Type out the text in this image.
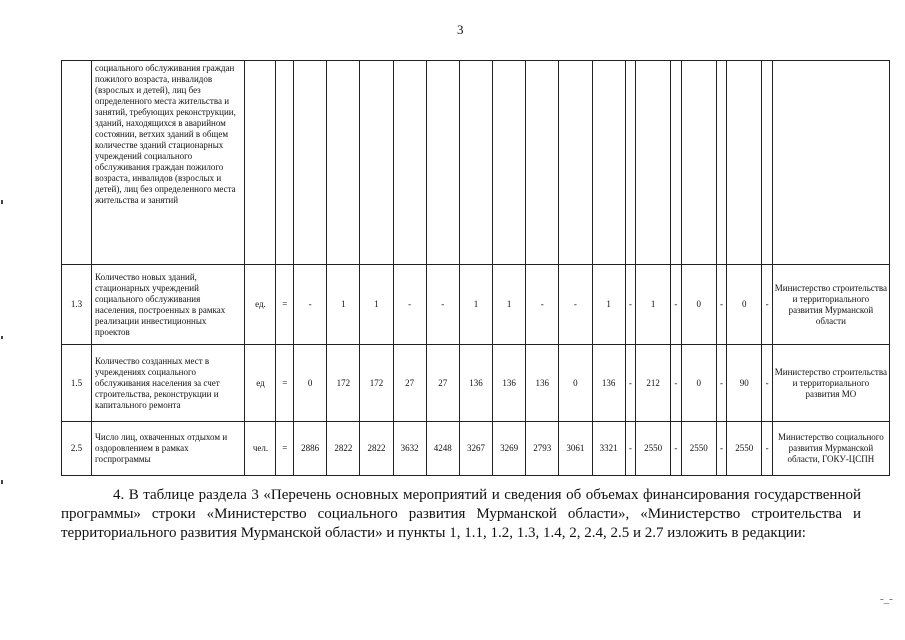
3
	социального обслуживания граждан пожилого возраста, инвалидов (взрослых и детей), лиц без определенного места жительства и занятий, требующих реконструкции, зданий, находящихся в аварийном состоянии, ветхих зданий в общем количестве зданий стационарных учреждений социального обслуживания граждан пожилого возраста, инвалидов (взрослых и детей), лиц без определенного места жительства и занятий																				
1.3	Количество новых зданий, стационарных учреждений социального обслуживания населения, построенных в рамках реализации инвестиционных проектов	ед.	=	-	1	1	-	-	1	1	-	-	1	-	1	-	0	-	0	-	Министерство строительства и территориального развития Мурманской области
1.5	Количество созданных мест в учреждениях социального обслуживания населения за счет строительства, реконструкции и капитального ремонта	ед	=	0	172	172	27	27	136	136	136	0	136	-	212	-	0	-	90	-	Министерство строительства и территориального развития МО
2.5	Число лиц, охваченных отдыхом и оздоровлением в рамках госпрограммы	чел.	=	2886	2822	2822	3632	4248	3267	3269	2793	3061	3321	-	2550	-	2550	-	2550	-	Министерство социального развития Мурманской области, ГОКУ-ЦСПН
4. В таблице раздела 3 «Перечень основных мероприятий и сведения об объемах финансирования государственной программы» строки «Министерство социального развития Мурманской области», «Министерство строительства и территориального развития Мурманской области» и пункты 1, 1.1, 1.2, 1.3, 1.4, 2, 2.4, 2.5 и 2.7 изложить в редакции:
-_-
